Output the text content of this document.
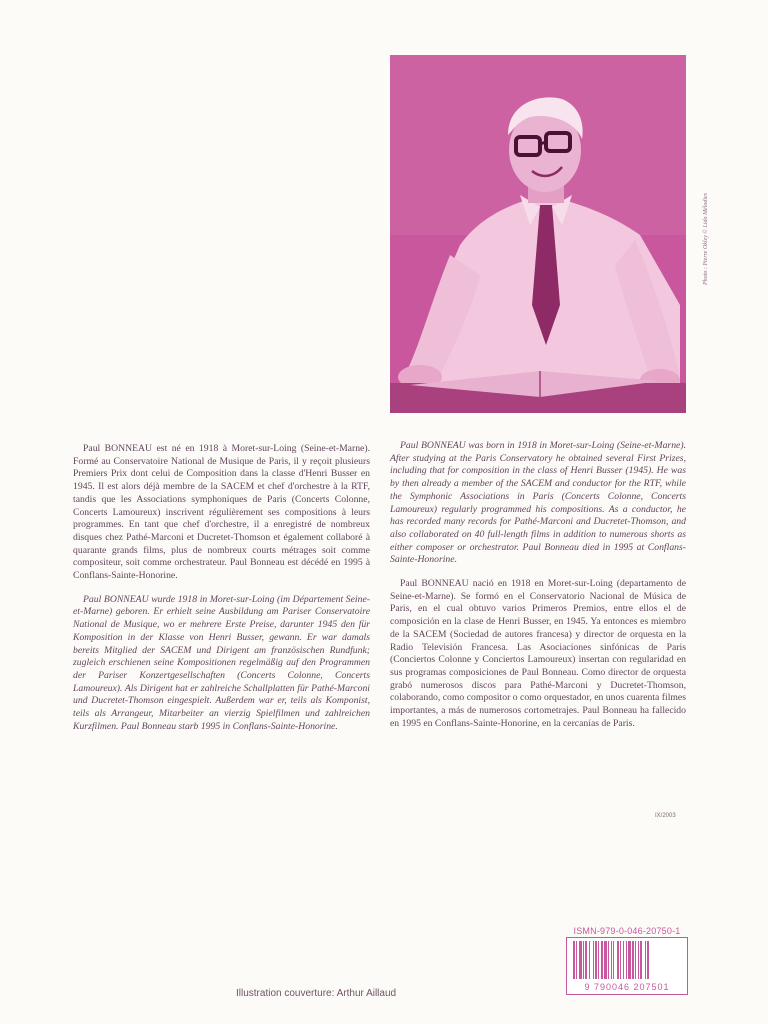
Photo : Pierre Okley © Lido Mélodies

Paul BONNEAU est né en 1918 à Moret-sur-Loing (Seine-et-Marne). Formé au Conservatoire National de Musique de Paris, il y reçoit plusieurs Premiers Prix dont celui de Composition dans la classe d'Henri Busser en 1945. Il est alors déjà membre de la SACEM et chef d'orchestre à la RTF, tandis que les Associations symphoniques de Paris (Concerts Colonne, Concerts Lamoureux) inscrivent régulièrement ses compositions à leurs programmes. En tant que chef d'orchestre, il a enregistré de nombreux disques chez Pathé-Marconi et Ducretet-Thomson et également collaboré à quarante grands films, plus de nombreux courts métrages soit comme compositeur, soit comme orchestrateur. Paul Bonneau est décédé en 1995 à Conflans-Sainte-Honorine.

Paul BONNEAU wurde 1918 in Moret-sur-Loing (im Département Seine-et-Marne) geboren. Er erhielt seine Ausbildung am Pariser Conservatoire National de Musique, wo er mehrere Erste Preise, darunter 1945 den für Komposition in der Klasse von Henri Busser, gewann. Er war damals bereits Mitglied der SACEM und Dirigent am französischen Rundfunk; zugleich erschienen seine Kompositionen regelmäßig auf den Programmen der Pariser Konzertgesellschaften (Concerts Colonne, Concerts Lamoureux). Als Dirigent hat er zahlreiche Schallplatten für Pathé-Marconi und Ducretet-Thomson eingespielt. Außerdem war er, teils als Komponist, teils als Arrangeur, Mitarbeiter an vierzig Spielfilmen und zahlreichen Kurzfilmen. Paul Bonneau starb 1995 in Conflans-Sainte-Honorine.

Paul BONNEAU was born in 1918 in Moret-sur-Loing (Seine-et-Marne). After studying at the Paris Conservatory he obtained several First Prizes, including that for composition in the class of Henri Busser (1945). He was by then already a member of the SACEM and conductor for the RTF, while the Symphonic Associations in Paris (Concerts Colonne, Concerts Lamoureux) regularly programmed his compositions. As a conductor, he has recorded many records for Pathé-Marconi and Ducretet-Thomson, and also collaborated on 40 full-length films in addition to numerous shorts as either composer or orchestrator. Paul Bonneau died in 1995 at Conflans-Sainte-Honorine.

Paul BONNEAU nació en 1918 en Moret-sur-Loing (departamento de Seine-et-Marne). Se formó en el Conservatorio Nacional de Música de Paris, en el cual obtuvo varios Primeros Premios, entre ellos el de composición en la clase de Henri Busser, en 1945. Ya entonces es miembro de la SACEM (Sociedad de autores francesa) y director de orquesta en la Radio Televisión Francesa. Las Asociaciones sinfónicas de Paris (Conciertos Colonne y Conciertos Lamoureux) insertan con regularidad en sus programas composiciones de Paul Bonneau. Como director de orquesta grabó numerosos discos para Pathé-Marconi y Ducretet-Thomson, colaborando, como compositor o como orquestador, en unos cuarenta filmes importantes, a más de numerosos cortometrajes. Paul Bonneau ha fallecido en 1995 en Conflans-Sainte-Honorine, en la cercanías de Paris.

IX/2003
ISMN-979-0-046-20750-1
9 790046 207501
Illustration couverture: Arthur Aillaud
